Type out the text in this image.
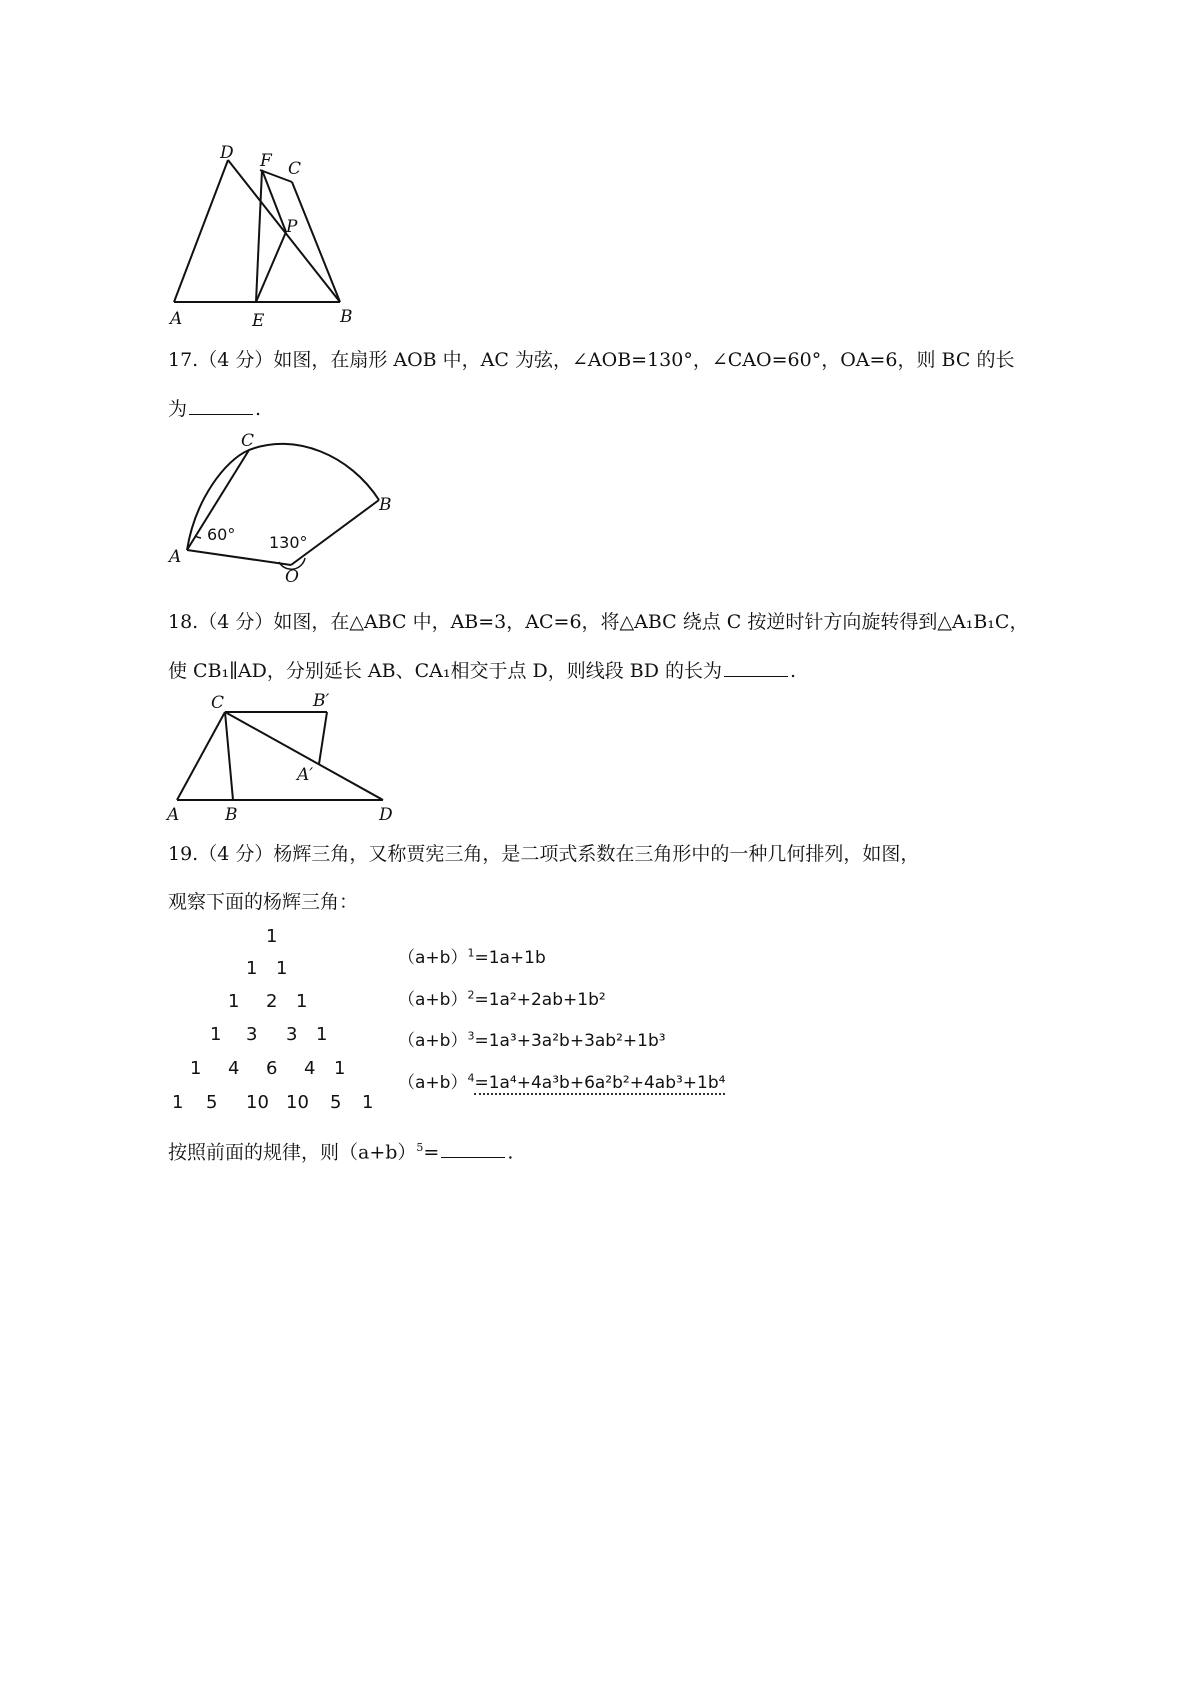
D F C
P
A	E	B
17.（4 分）如图，在扇形 AOB 中，AC 为弦，∠AOB=130°，∠CAO=60°，OA=6，则 BC 的长
为	.
C
B
A
O
60° 130°
18.（4 分）如图，在△ABC 中，AB=3，AC=6，将△ABC 绕点 C 按逆时针方向旋转得到△A₁B₁C，
使 CB₁∥AD，分别延长 AB、CA₁相交于点 D，则线段 BD 的长为	.
C	B′
A′
A	B	D
19.（4 分）杨辉三角，又称贾宪三角，是二项式系数在三角形中的一种几何排列，如图，
观察下面的杨辉三角：
1
1 1
1 2 1
1 3 3 1
1 4 6 4 1
1 5 10 10 5 1
$(a+b)^1=1a+1b$
$(a+b)^2=1a^2+2ab+1b^2$
$(a+b)^3=1a^3+3a^2b+3ab^2+1b^3$
$(a+b)^4=1a^4+4a^3b+6a^2b^2+4ab^3+1b^4$
按照前面的规律，则$(a+b)^5=$	.
